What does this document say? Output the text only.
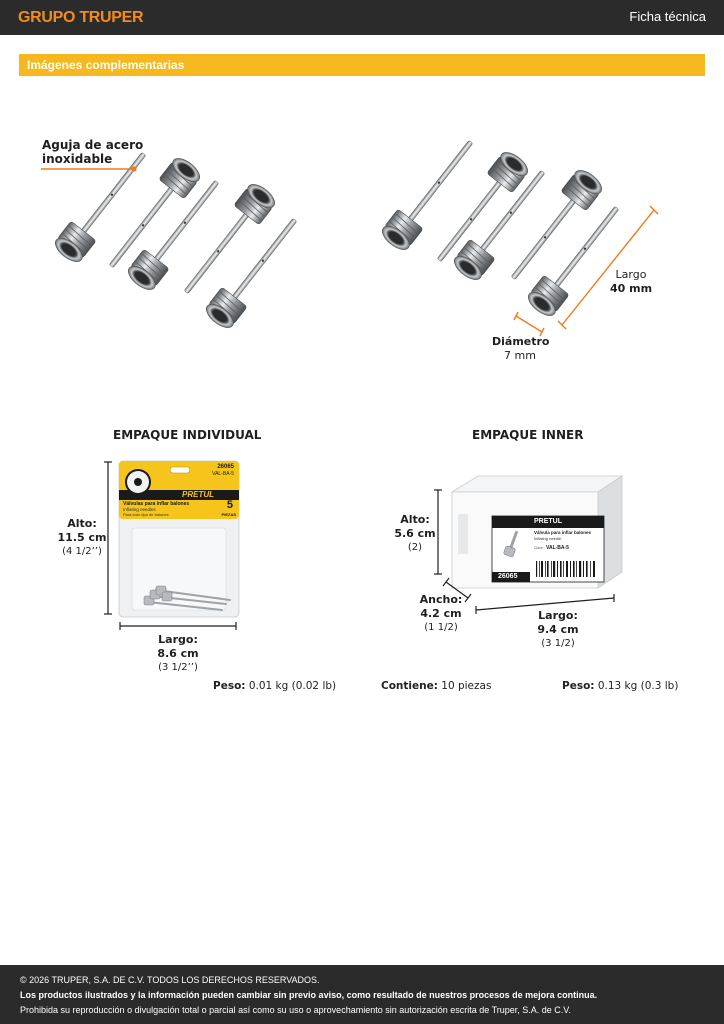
GRUPO TRUPER	Ficha técnica
Imágenes complementarias
Aguja de acero
inoxidable
Largo
40 mm
Diámetro
7 mm
EMPAQUE INDIVIDUAL
26065
VAL-BA-5
PRETUL
Válvulas para inflar balones
Inflating needles
Para todo tipo de balones
5
PIEZAS
Alto:
11.5 cm
(4 1/2’’)
Largo:
8.6 cm
(3 1/2’’)
Peso: 0.01 kg (0.02 lb)
EMPAQUE INNER
PRETUL
Válvula para inflar balones
Inflating needle
Clave VAL-BA-5
26065
Alto:
5.6 cm
(2)
Ancho:
4.2 cm
(1 1/2)
Largo:
9.4 cm
(3 1/2)
Contiene: 10 piezas	Peso: 0.13 kg (0.3 lb)
© 2026 TRUPER, S.A. DE C.V. TODOS LOS DERECHOS RESERVADOS.
Los productos ilustrados y la información pueden cambiar sin previo aviso, como resultado de nuestros procesos de mejora continua.
Prohibida su reproducción o divulgación total o parcial así como su uso o aprovechamiento sin autorización escrita de Truper, S.A. de C.V.
